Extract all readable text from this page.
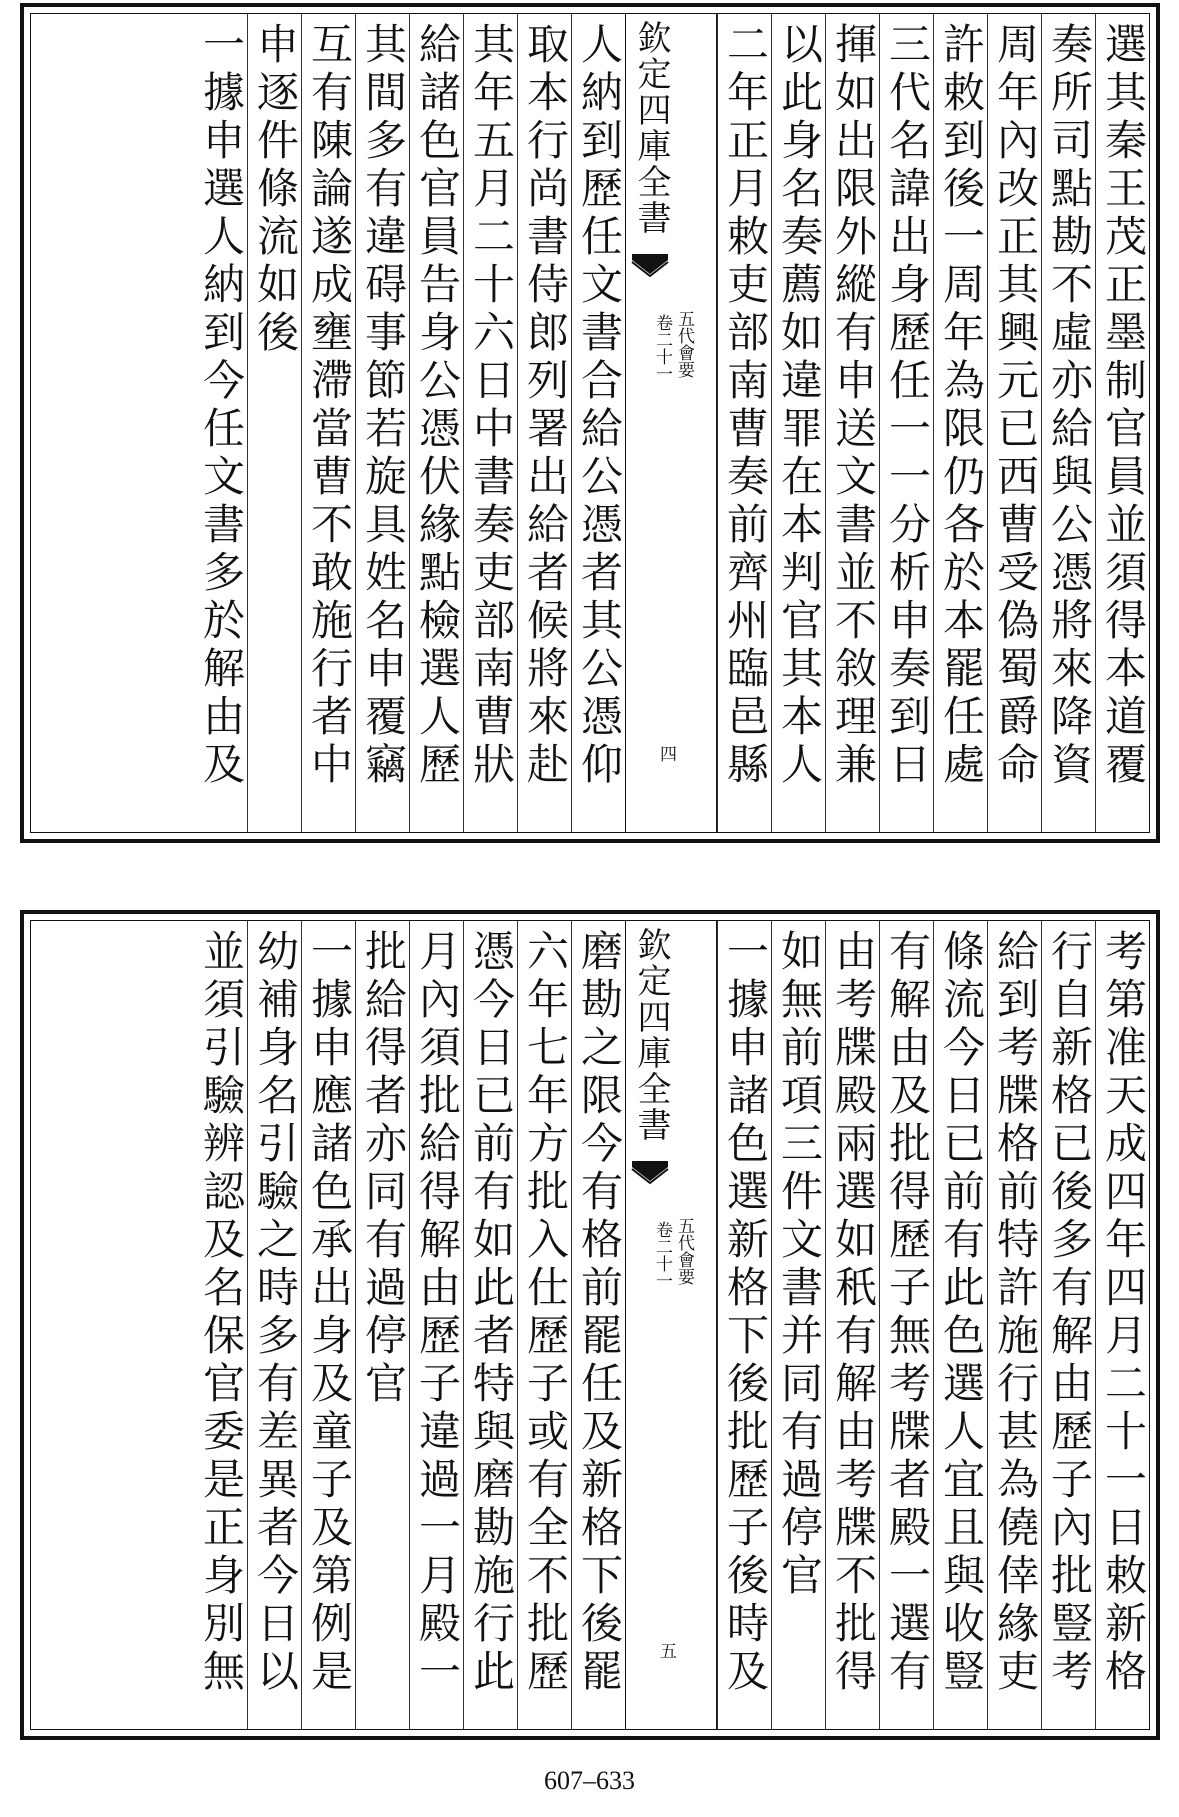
選其秦王茂正墨制官員並須得本道覆
奏所司點勘不虛亦給與公憑將來降資
周年內改正其興元已西曹受偽蜀爵命
許敕到後一周年為限仍各於本罷任處
三代名諱出身歷任一一分析申奏到日
揮如出限外縱有申送文書並不敘理兼
以此身名奏薦如違罪在本判官其本人
二年正月敕吏部南曹奏前齊州臨邑縣
欽定四庫全書
五代會要
卷二十一
四
人納到歷任文書合給公憑者其公憑仰
取本行尚書侍郎列署出給者候將來赴
其年五月二十六日中書奏吏部南曹狀
給諸色官員告身公憑伏緣點檢選人歷
其間多有違碍事節若旋具姓名申覆竊
互有陳論遂成壅滯當曹不敢施行者中
申逐件條流如後
一據申選人納到今任文書多於解由及
考第准天成四年四月二十一日敕新格
行自新格已後多有解由歷子內批豎考
給到考牒格前特許施行甚為僥倖緣吏
條流今日已前有此色選人宜且與收豎
有解由及批得歷子無考牒者殿一選有
由考牒殿兩選如秖有解由考牒不批得
如無前項三件文書并同有過停官
一據申諸色選新格下後批歷子後時及
欽定四庫全書
五代會要
卷二十一
五
磨勘之限今有格前罷任及新格下後罷
六年七年方批入仕歷子或有全不批歷
憑今日已前有如此者特與磨勘施行此
月內須批給得解由歷子違過一月殿一
批給得者亦同有過停官
一據申應諸色承出身及童子及第例是
幼補身名引驗之時多有差異者今日以
並須引驗辨認及名保官委是正身別無
607–633
